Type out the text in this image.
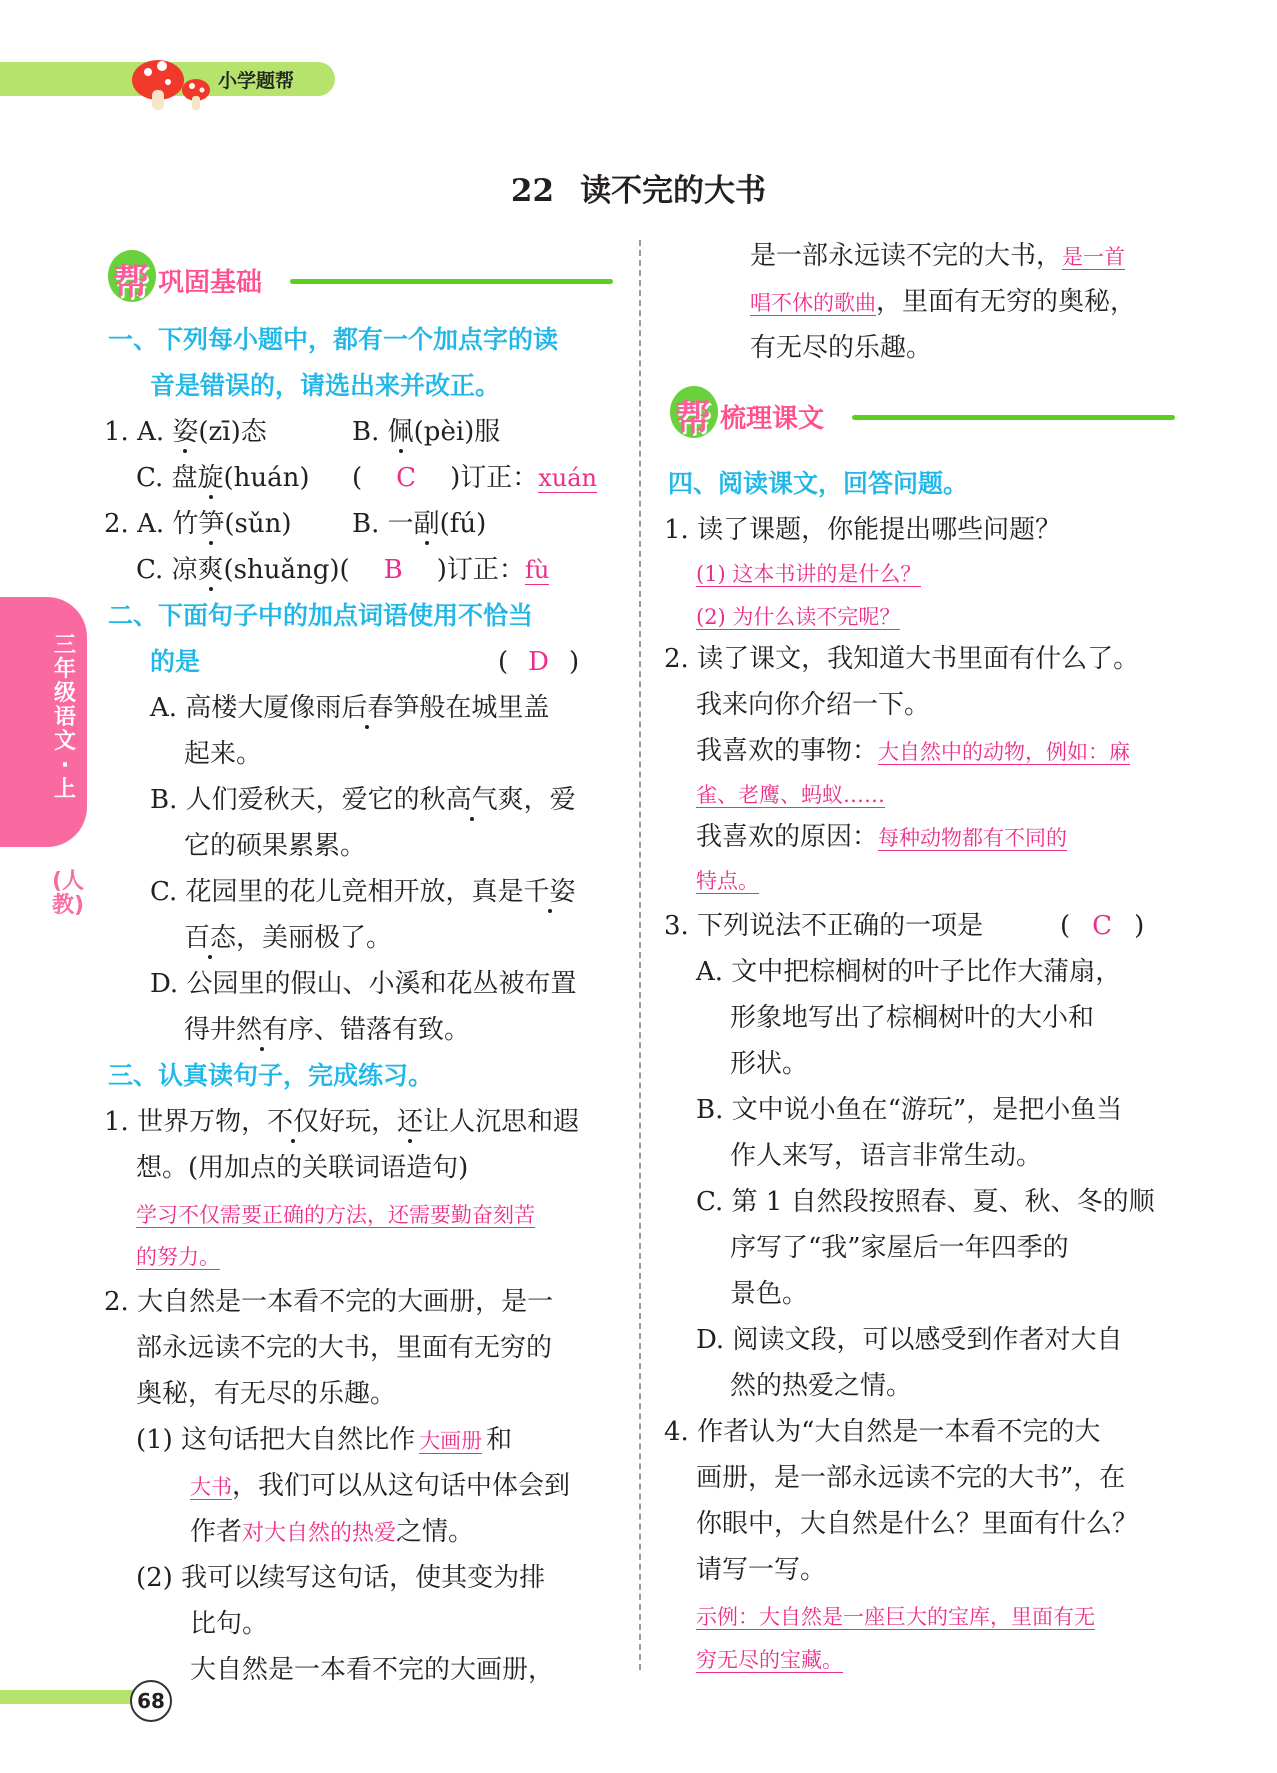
小学题帮
22 读不完的大书
三年级语文·上
(人教)
68
帮 巩固基础
一、下列每小题中，都有一个加点字的读
音是错误的，请选出来并改正。
1. A. 姿(zī)态	B. 佩(pèi)服
C. 盘旋(huán) ( C )订正：xuán
2. A. 竹笋(sǔn) B. 一副(fú)
C. 凉爽(shuǎng)( B )订正：fù
二、下面句子中的加点词语使用不恰当
的是	( D )
A. 高楼大厦像雨后春笋般在城里盖
起来。
B. 人们爱秋天，爱它的秋高气爽，爱
它的硕果累累。
C. 花园里的花儿竞相开放，真是千姿
百态，美丽极了。
D. 公园里的假山、小溪和花丛被布置
得井然有序、错落有致。
三、认真读句子，完成练习。
1. 世界万物，不仅好玩，还让人沉思和遐
想。(用加点的关联词语造句)
学习不仅需要正确的方法，还需要勤奋刻苦
的努力。
2. 大自然是一本看不完的大画册，是一
部永远读不完的大书，里面有无穷的
奥秘，有无尽的乐趣。
(1) 这句话把大自然比作 大画册 和
大书，我们可以从这句话中体会到
作者对大自然的热爱之情。
(2) 我可以续写这句话，使其变为排
比句。
大自然是一本看不完的大画册，
是一部永远读不完的大书，是一首
唱不休的歌曲，里面有无穷的奥秘，
有无尽的乐趣。
帮 梳理课文
四、阅读课文，回答问题。
1. 读了课题，你能提出哪些问题？
(1) 这本书讲的是什么？
(2) 为什么读不完呢？
2. 读了课文，我知道大书里面有什么了。
我来向你介绍一下。
我喜欢的事物：大自然中的动物，例如：麻
雀、老鹰、蚂蚁……
我喜欢的原因：每种动物都有不同的
特点。
3. 下列说法不正确的一项是	( C )
A. 文中把棕榈树的叶子比作大蒲扇，
形象地写出了棕榈树叶的大小和
形状。
B. 文中说小鱼在“游玩”，是把小鱼当
作人来写，语言非常生动。
C. 第 1 自然段按照春、夏、秋、冬的顺
序写了“我”家屋后一年四季的
景色。
D. 阅读文段，可以感受到作者对大自
然的热爱之情。
4. 作者认为“大自然是一本看不完的大
画册，是一部永远读不完的大书”，在
你眼中，大自然是什么？里面有什么？
请写一写。
示例：大自然是一座巨大的宝库，里面有无
穷无尽的宝藏。
